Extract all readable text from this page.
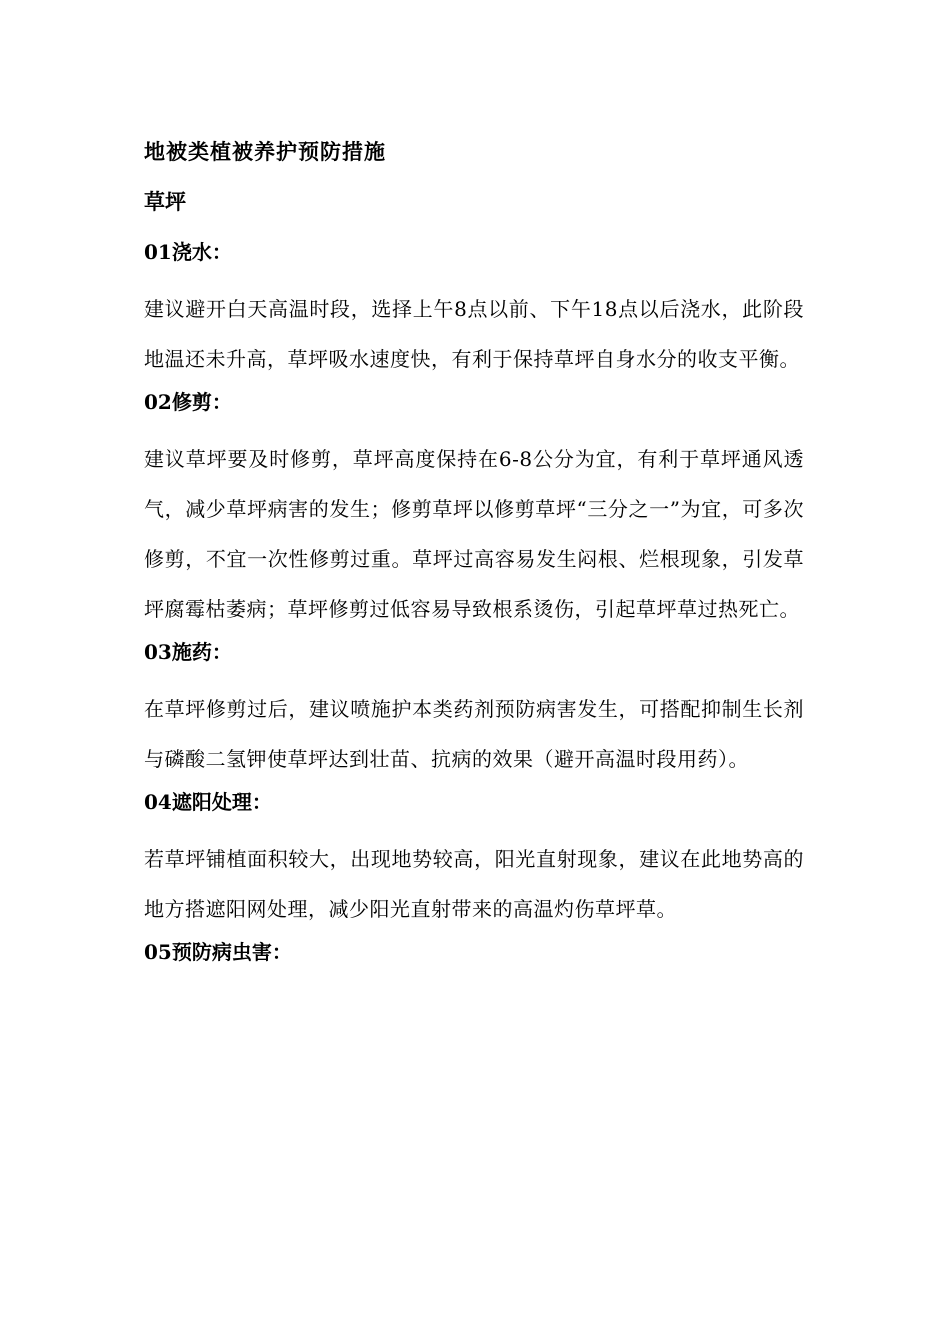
地被类植被养护预防措施
草坪
01浇水：

建议避开白天高温时段，选择上午8点以前、下午18点以后浇水，此阶段地温还未升高，草坪吸水速度快，有利于保持草坪自身水分的收支平衡。

02修剪：

建议草坪要及时修剪，草坪高度保持在6-8公分为宜，有利于草坪通风透气，减少草坪病害的发生；修剪草坪以修剪草坪“三分之一”为宜，可多次修剪，不宜一次性修剪过重。草坪过高容易发生闷根、烂根现象，引发草坪腐霉枯萎病；草坪修剪过低容易导致根系烫伤，引起草坪草过热死亡。

03施药：

在草坪修剪过后，建议喷施护本类药剂预防病害发生，可搭配抑制生长剂与磷酸二氢钾使草坪达到壮苗、抗病的效果（避开高温时段用药）。

04遮阳处理：

若草坪铺植面积较大，出现地势较高，阳光直射现象，建议在此地势高的地方搭遮阳网处理，减少阳光直射带来的高温灼伤草坪草。

05预防病虫害：
